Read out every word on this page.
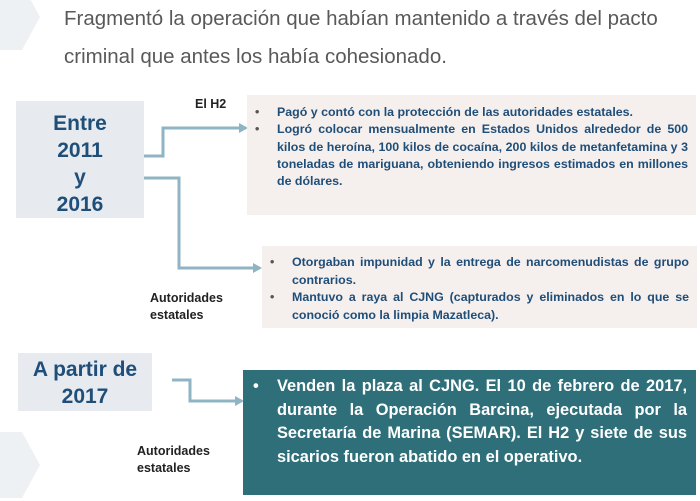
Fragmentó la operación que habían mantenido a través del pacto criminal que antes los había cohesionado.
Entre
2011
y
2016
A partir de
2017
El H2
Autoridades
estatales
Autoridades
estatales
• Pagó y contó con la protección de las autoridades estatales.
• Logró colocar mensualmente en Estados Unidos alrededor de 500 kilos de heroína, 100 kilos de cocaína, 200 kilos de metanfetamina y 3 toneladas de mariguana, obteniendo ingresos estimados en millones de dólares.
• Otorgaban impunidad y la entrega de narcomenudistas de grupo contrarios.
• Mantuvo a raya al CJNG (capturados y eliminados en lo que se conoció como la limpia Mazatleca).
• Venden la plaza al CJNG. El 10 de febrero de 2017, durante la Operación Barcina, ejecutada por la Secretaría de Marina (SEMAR). El H2 y siete de sus sicarios fueron abatido en el operativo.
